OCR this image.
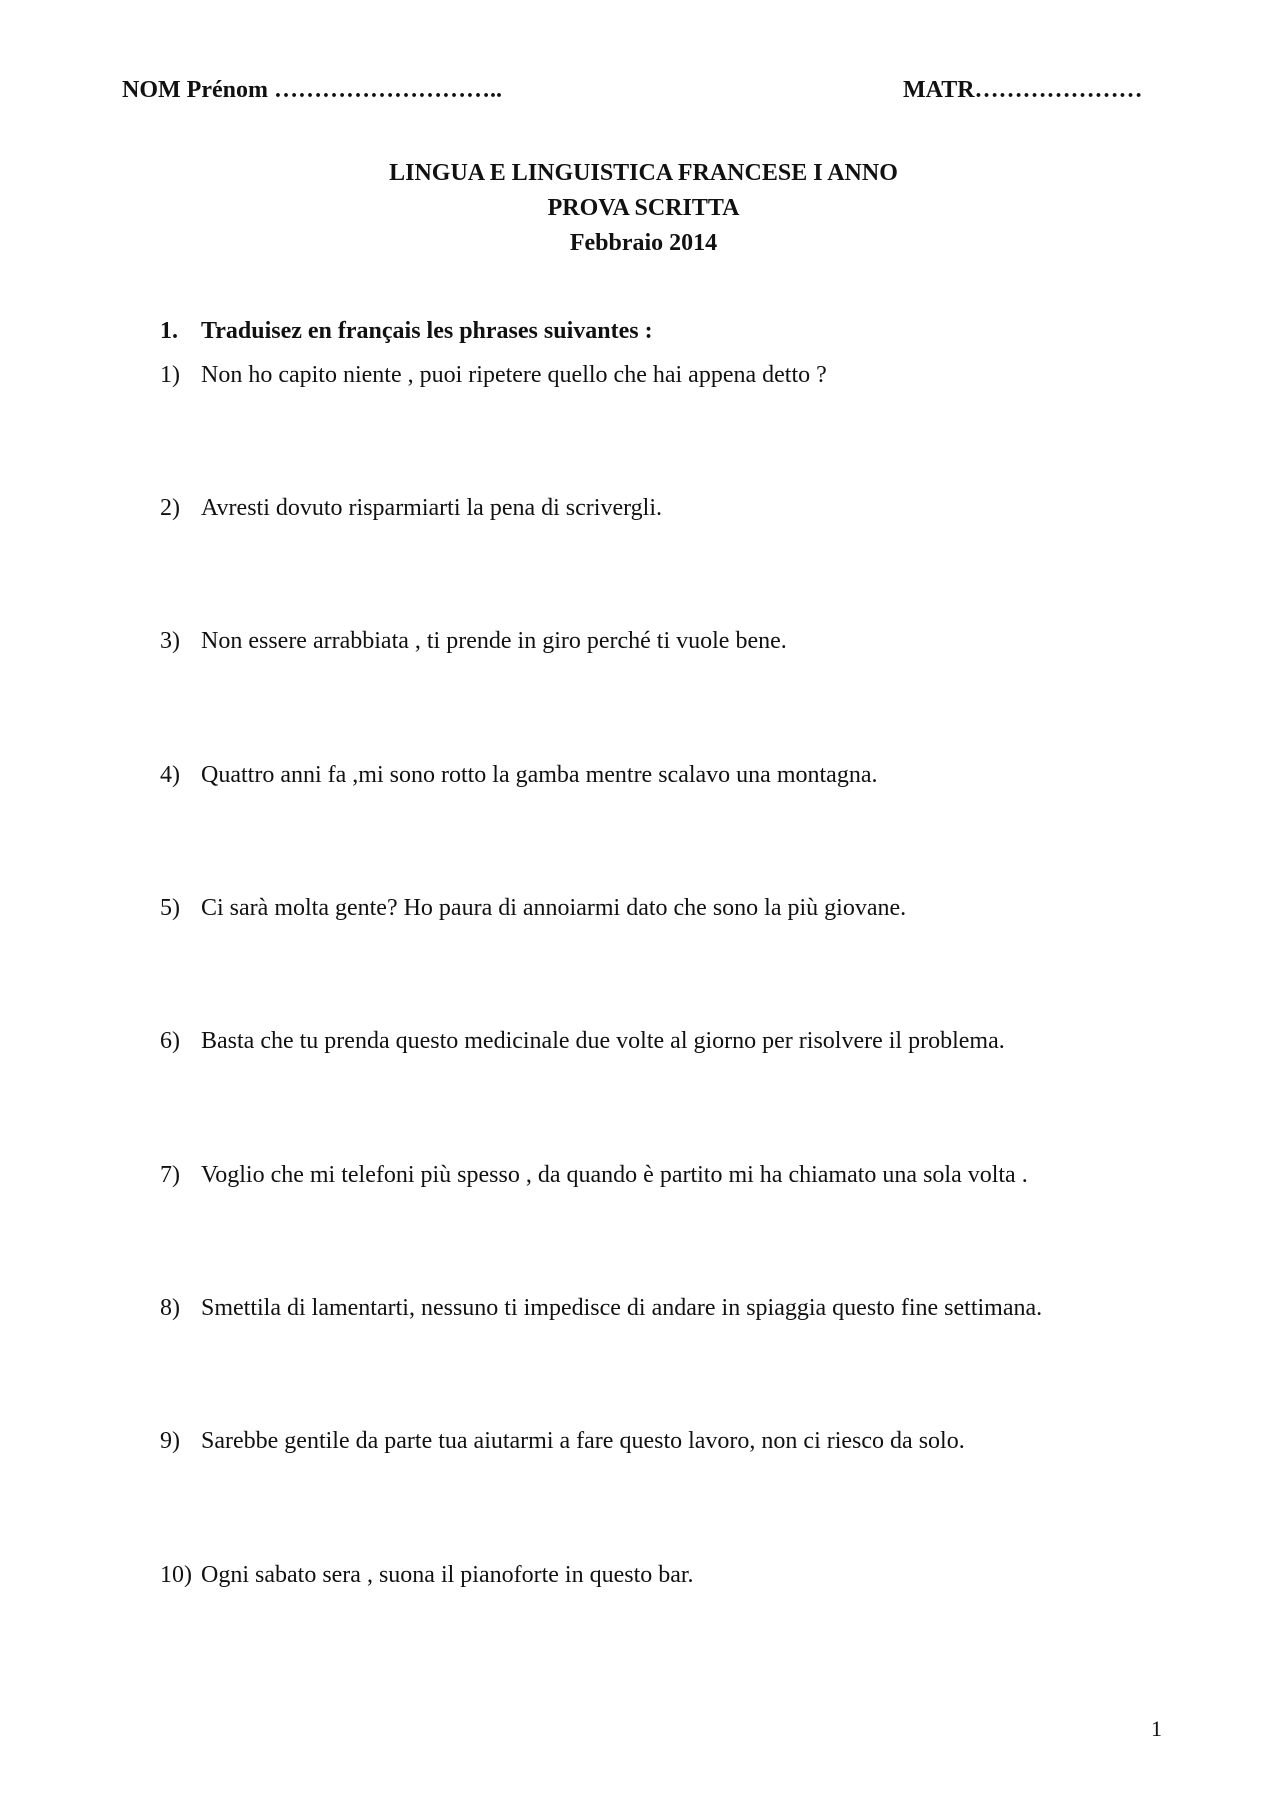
NOM Prénom ………………………..	MATR…………………
LINGUA E LINGUISTICA FRANCESE I ANNO
PROVA SCRITTA
Febbraio 2014
1. Traduisez en français les phrases suivantes :
1) Non ho capito niente , puoi ripetere quello che hai appena detto ?
2) Avresti dovuto risparmiarti la pena di scrivergli.
3) Non essere arrabbiata , ti prende in giro perché ti vuole bene.
4) Quattro anni fa ,mi sono rotto la gamba mentre scalavo una montagna.
5) Ci sarà molta gente? Ho paura di annoiarmi dato che sono la più giovane.
6) Basta che tu prenda questo medicinale due volte al giorno per risolvere il problema.
7) Voglio che mi telefoni più spesso , da quando è partito mi ha chiamato una sola volta .
8) Smettila di lamentarti, nessuno ti impedisce di andare in spiaggia questo fine settimana.
9) Sarebbe gentile da parte tua aiutarmi a fare questo lavoro, non ci riesco da solo.
10) Ogni sabato sera , suona il pianoforte in questo bar.
1
